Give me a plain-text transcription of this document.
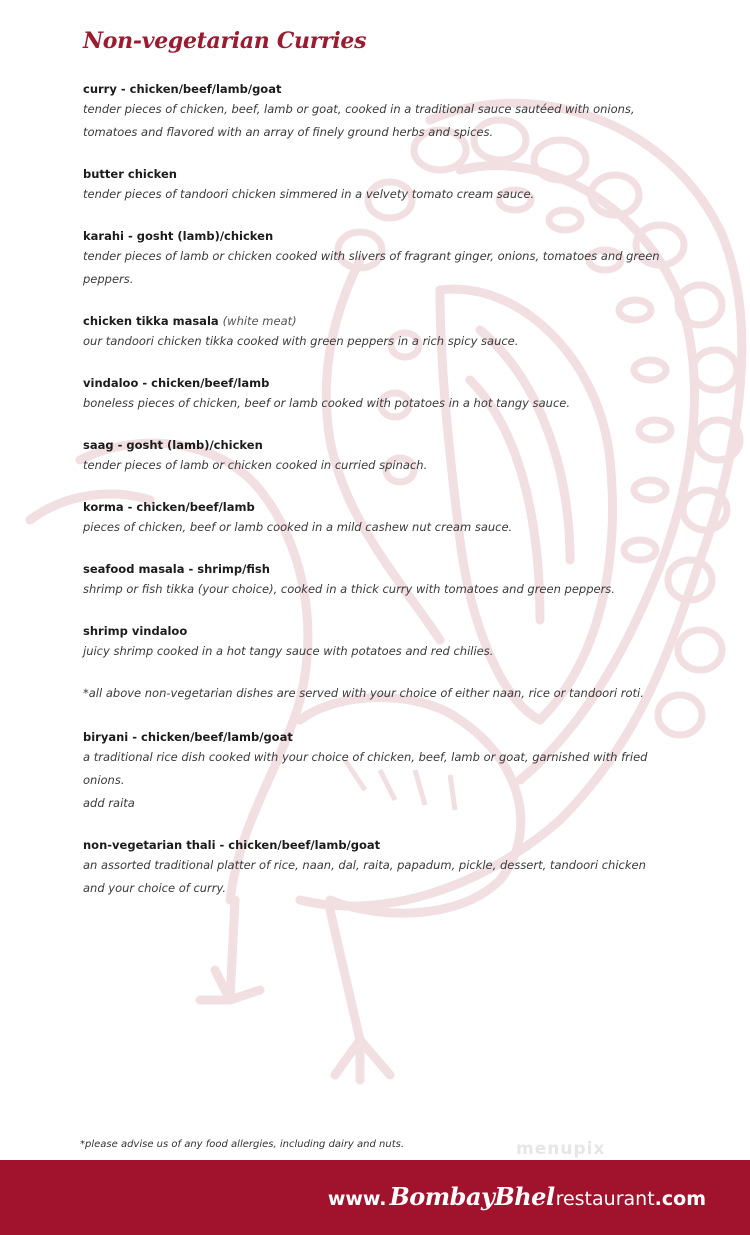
Non-vegetarian Curries
curry - chicken/beef/lamb/goat
tender pieces of chicken, beef, lamb or goat, cooked in a traditional sauce sautéed with onions, tomatoes and flavored with an array of finely ground herbs and spices.
butter chicken
tender pieces of tandoori chicken simmered in a velvety tomato cream sauce.
karahi - gosht (lamb)/chicken
tender pieces of lamb or chicken cooked with slivers of fragrant ginger, onions, tomatoes and green peppers.
chicken tikka masala (white meat)
our tandoori chicken tikka cooked with green peppers in a rich spicy sauce.
vindaloo - chicken/beef/lamb
boneless pieces of chicken, beef or lamb cooked with potatoes in a hot tangy sauce.
saag - gosht (lamb)/chicken
tender pieces of lamb or chicken cooked in curried spinach.
korma - chicken/beef/lamb
pieces of chicken, beef or lamb cooked in a mild cashew nut cream sauce.
seafood masala - shrimp/fish
shrimp or fish tikka (your choice), cooked in a thick curry with tomatoes and green peppers.
shrimp vindaloo
juicy shrimp cooked in a hot tangy sauce with potatoes and red chilies.
*all above non-vegetarian dishes are served with your choice of either naan, rice or tandoori roti.
biryani - chicken/beef/lamb/goat
a traditional rice dish cooked with your choice of chicken, beef, lamb or goat, garnished with fried onions.
add raita
non-vegetarian thali - chicken/beef/lamb/goat
an assorted traditional platter of rice, naan, dal, raita, papadum, pickle, dessert, tandoori chicken and your choice of curry.
*please advise us of any food allergies, including dairy and nuts.	menupix
www. BombayBhel restaurant .com
